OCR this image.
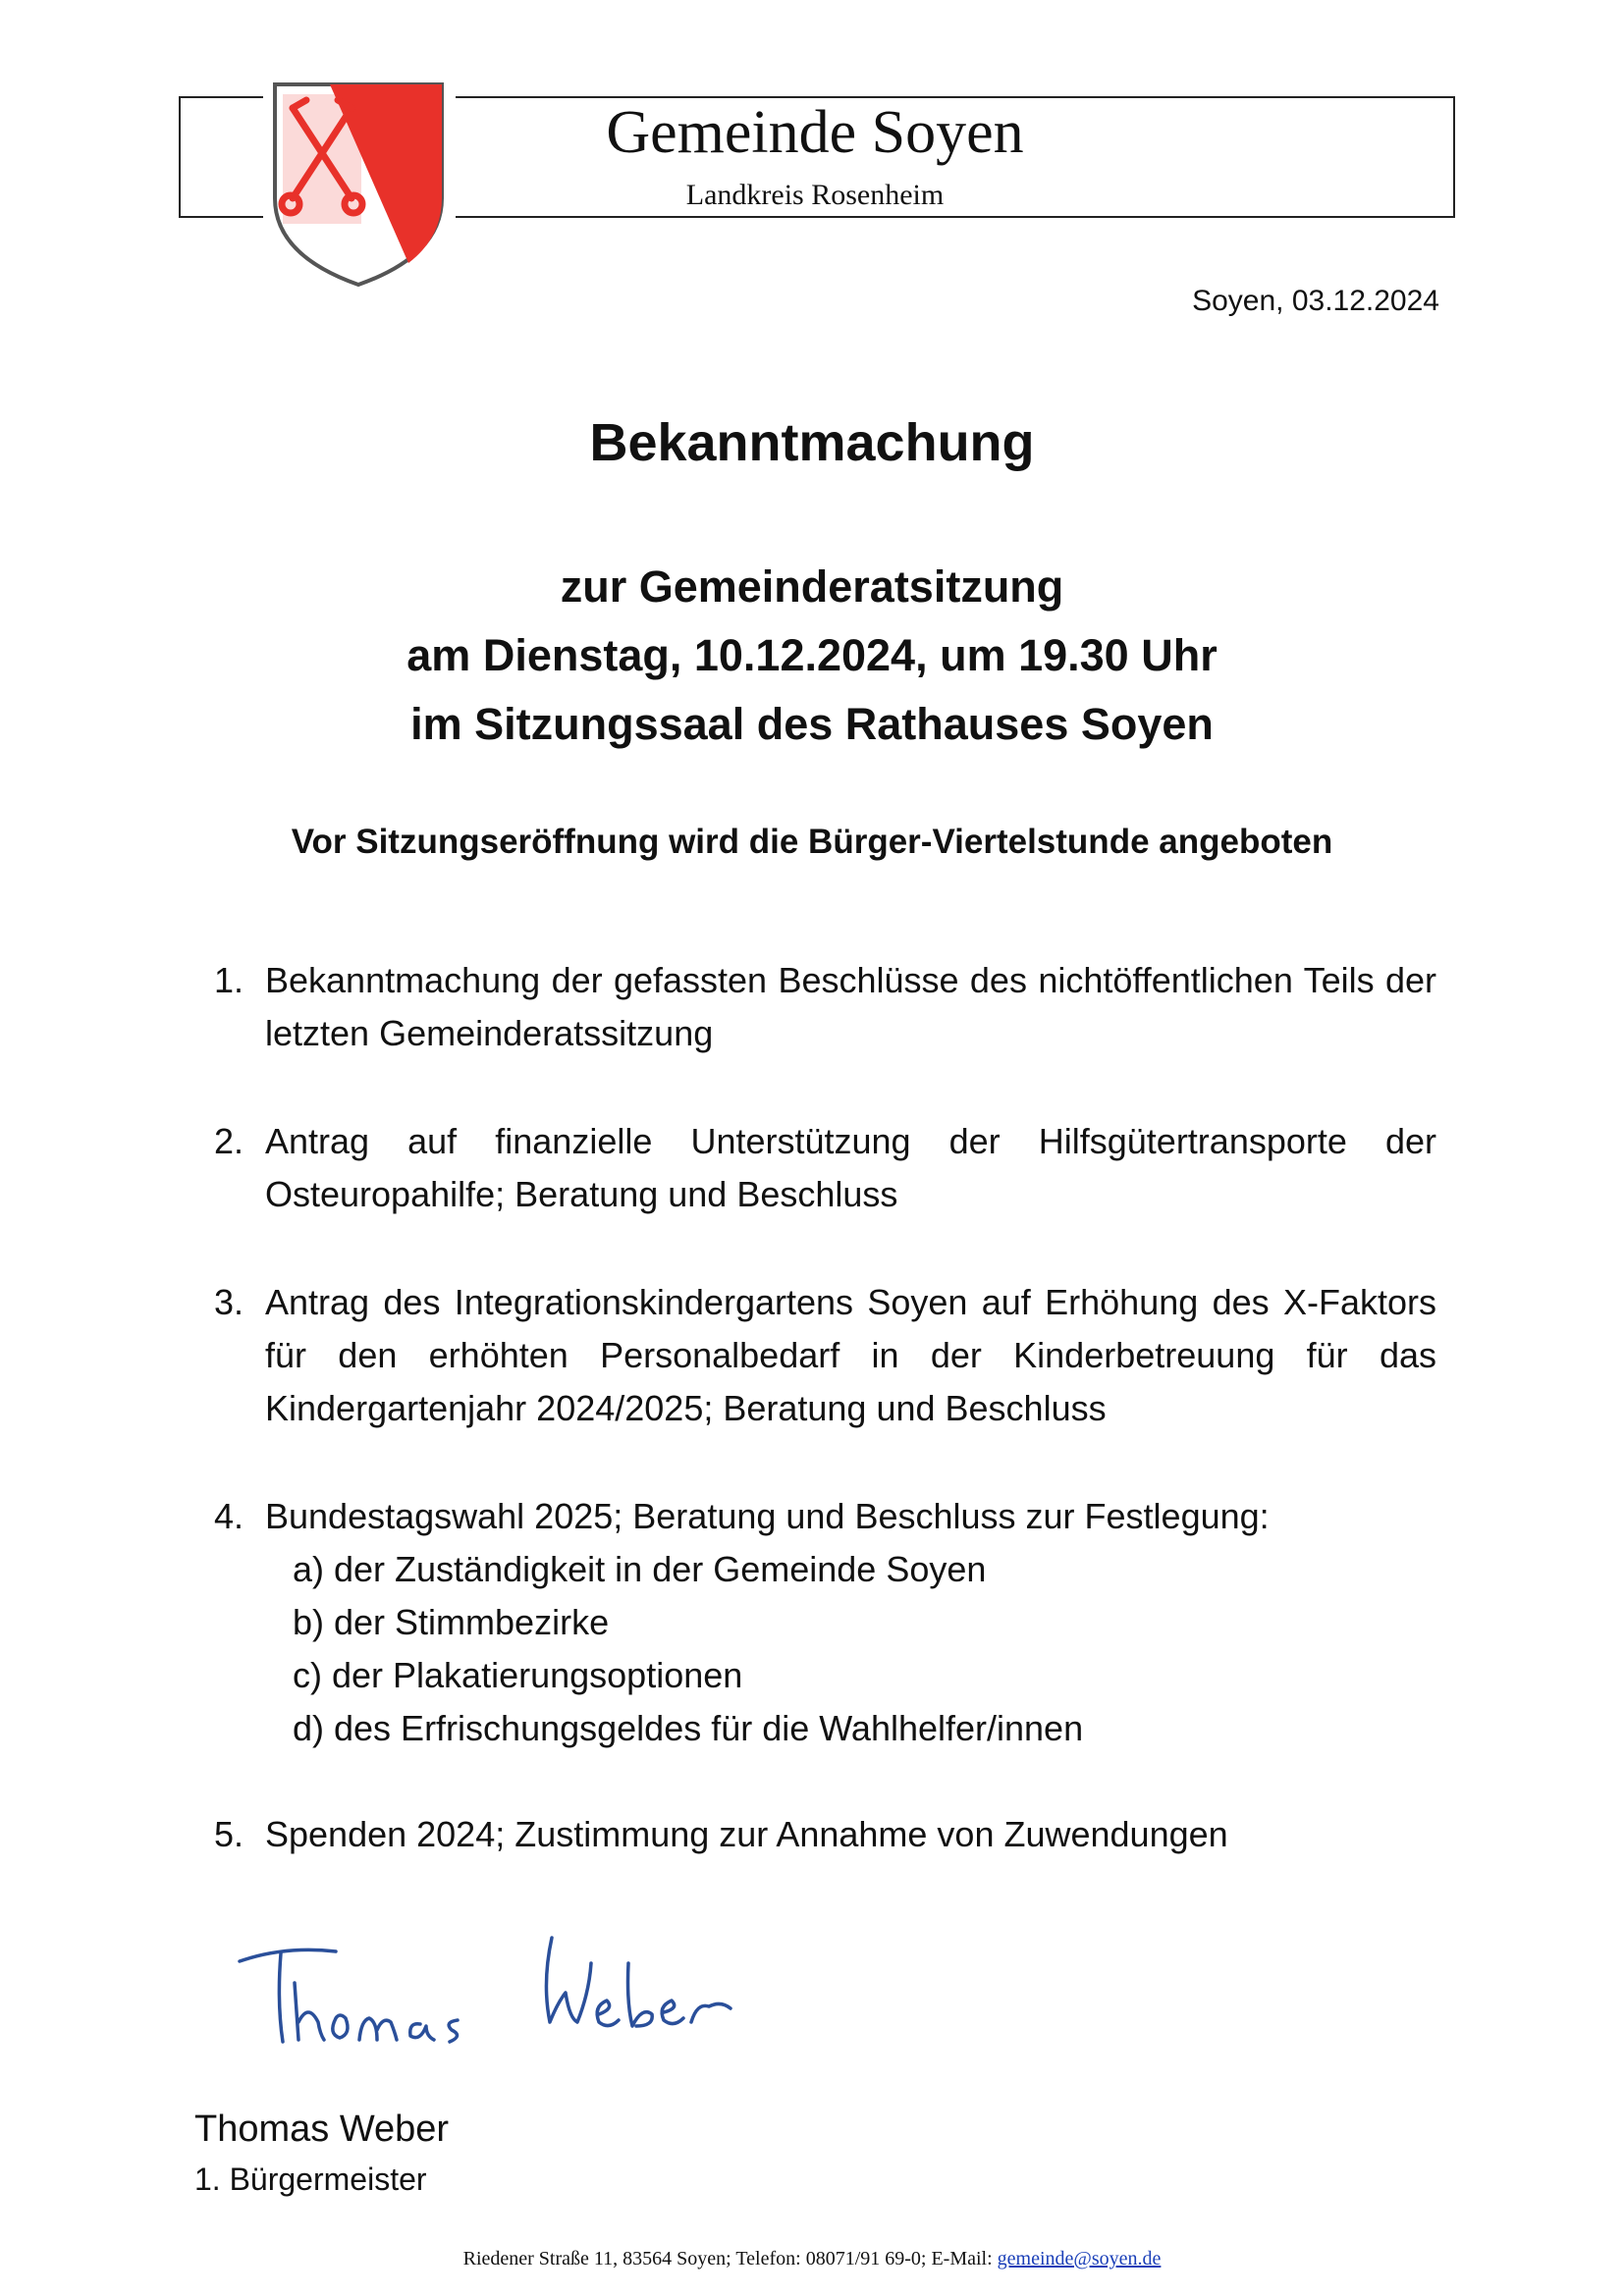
Gemeinde Soyen
Landkreis Rosenheim
Soyen, 03.12.2024
Bekanntmachung
zur Gemeinderatsitzung
am Dienstag, 10.12.2024, um 19.30 Uhr
im Sitzungssaal des Rathauses Soyen
Vor Sitzungseröffnung wird die Bürger-Viertelstunde angeboten
1. Bekanntmachung der gefassten Beschlüsse des nichtöffentlichen Teils der letzten Gemeinderatssitzung
2. Antrag auf finanzielle Unterstützung der Hilfsgütertransporte der Osteuropahilfe; Beratung und Beschluss
3. Antrag des Integrationskindergartens Soyen auf Erhöhung des X-Faktors für den erhöhten Personalbedarf in der Kinderbetreuung für das Kindergartenjahr 2024/2025; Beratung und Beschluss
4. Bundestagswahl 2025; Beratung und Beschluss zur Festlegung:
a) der Zuständigkeit in der Gemeinde Soyen
b) der Stimmbezirke
c) der Plakatierungsoptionen
d) des Erfrischungsgeldes für die Wahlhelfer/innen
5. Spenden 2024; Zustimmung zur Annahme von Zuwendungen
Thomas Weber
1. Bürgermeister
Riedener Straße 11, 83564 Soyen; Telefon: 08071/91 69-0; E-Mail: gemeinde@soyen.de
